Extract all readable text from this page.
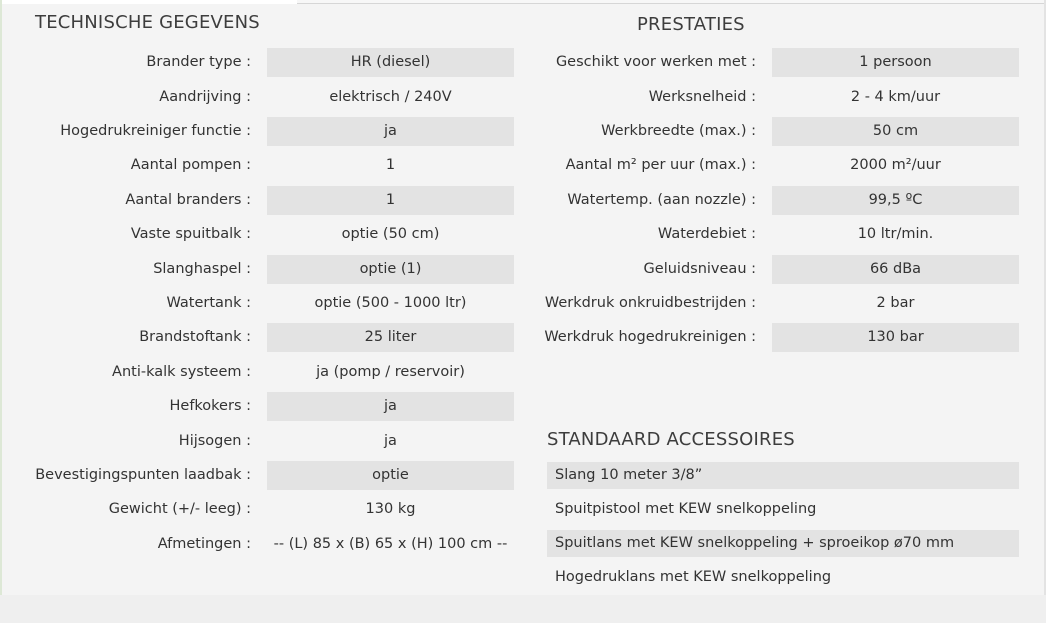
TECHNISCHE GEGEVENS	PRESTATIES
STANDAARD ACCESSOIRES
Brander type :	HR (diesel)
Aandrijving :	elektrisch / 240V
Hogedrukreiniger functie :	ja
Aantal pompen :	1
Aantal branders :	1
Vaste spuitbalk :	optie (50 cm)
Slanghaspel :	optie (1)
Watertank :	optie (500 - 1000 ltr)
Brandstoftank :	25 liter
Anti-kalk systeem :	ja (pomp / reservoir)
Hefkokers :	ja
Hijsogen :	ja
Bevestigingspunten laadbak :	optie
Gewicht (+/- leeg) :	130 kg
Afmetingen :	-- (L) 85 x (B) 65 x (H) 100 cm --
Geschikt voor werken met :	1 persoon
Werksnelheid :	2 - 4 km/uur
Werkbreedte (max.) :	50 cm
Aantal m² per uur (max.) :	2000 m²/uur
Watertemp. (aan nozzle) :	99,5 ºC
Waterdebiet :	10 ltr/min.
Geluidsniveau :	66 dBa
Werkdruk onkruidbestrijden :	2 bar
Werkdruk hogedrukreinigen :	130 bar
Slang 10 meter 3/8”
Spuitpistool met KEW snelkoppeling
Spuitlans met KEW snelkoppeling + sproeikop ø70 mm
Hogedruklans met KEW snelkoppeling
